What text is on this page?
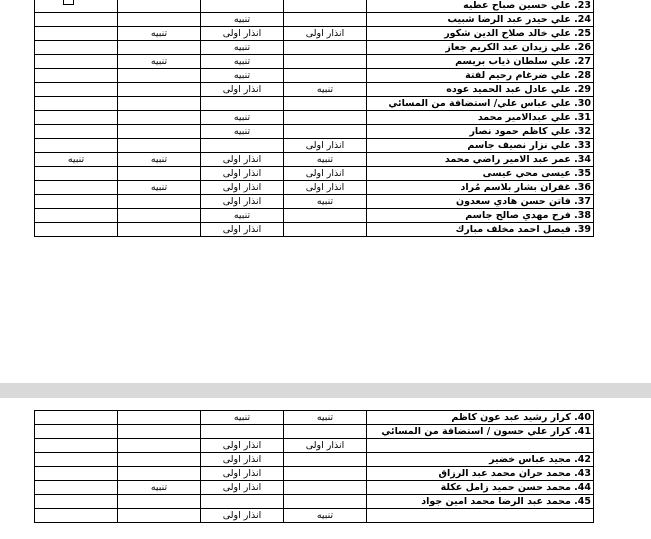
23. علي حسين صباح عطيه				
24. علي حيدر عبد الرضا شبيب		تنبيه		
25. علي خالد صلاح الدين شكور	انذار اولى	انذار اولى	تنبيه	
26. علي زيدان عبد الكريم جعاز		تنبيه		
27. علي سلطان ذياب بريسم		تنبيه	تنبيه	
28. علي ضرغام رحيم لفتة		تنبيه		
29. علي عادل عبد الحميد عوده	تنبيه	انذار اولى		
30. علي عباس علي/ استضافة من المسائي				
31. علي عبدالامير محمد		تنبيه		
32. علي كاظم حمود نصار		تنبيه		
33. علي نزار نصيف جاسم	انذار اولى			
34. عمر عبد الامير راضي محمد	تنبيه	انذار اولى	تنبيه	تنبيه
35. عيسى محي عيسى	انذار اولى	انذار اولى		
36. غفران بشار بلاسم مُراد	انذار اولى	انذار اولى	تنبيه	
37. فاتن حسن هادي سعدون	تنبيه	انذار اولى		
38. فرح مهدي صالح جاسم		تنبيه		
39. فيصل احمد مخلف مبارك		انذار اولى		
40. كرار رشيد عبد عون كاظم	تنبيه	تنبيه		
41. كرار علي حسون / استضافة من المسائي				
	انذار اولى	انذار اولى		
42. مجيد عباس خضير		انذار اولى		
43. محمد حران محمد عبد الرزاق		انذار اولى		
44. محمد حسن حميد زامل عكلة		انذار اولى	تنبيه	
45. محمد عبد الرضا محمد امين جواد				
	تنبيه	انذار اولى		
